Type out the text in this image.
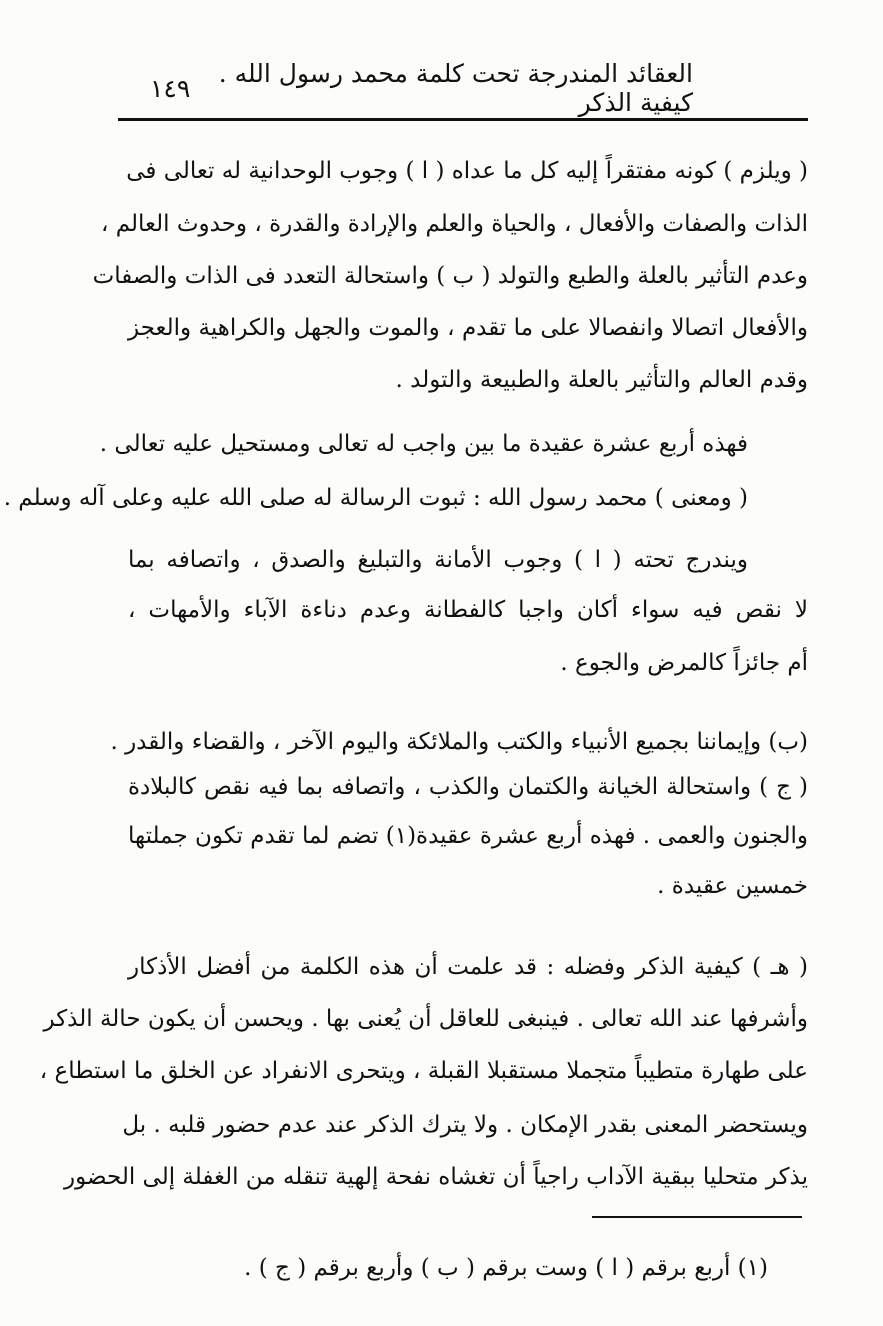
العقائد المندرجة تحت كلمة محمد رسول الله . كيفية الذكر
١٤٩
( ويلزم ) كونه مفتقراً إليه كل ما عداه ( ا ) وجوب الوحدانية له تعالى فى
الذات والصفات والأفعال ، والحياة والعلم والإرادة والقدرة ، وحدوث العالم ،
وعدم التأثير بالعلة والطبع والتولد ( ب ) واستحالة التعدد فى الذات والصفات
والأفعال اتصالا وانفصالا على ما تقدم ، والموت والجهل والكراهية والعجز
وقدم العالم والتأثير بالعلة والطبيعة والتولد .
فهذه أربع عشرة عقيدة ما بين واجب له تعالى ومستحيل عليه تعالى .
( ومعنى ) محمد رسول الله : ثبوت الرسالة له صلى الله عليه وعلى آله وسلم .
ويندرج تحته ( ا ) وجوب الأمانة والتبليغ والصدق ، واتصافه بما
لا نقص فيه سواء أكان واجبا كالفطانة وعدم دناءة الآباء والأمهات ،
أم جائزاً كالمرض والجوع .
(ب) وإيماننا بجميع الأنبياء والكتب والملائكة واليوم الآخر ، والقضاء والقدر .
( ج ) واستحالة الخيانة والكتمان والكذب ، واتصافه بما فيه نقص كالبلادة
والجنون والعمى . فهذه أربع عشرة عقيدة(١) تضم لما تقدم تكون جملتها
خمسين عقيدة .
( هـ ) كيفية الذكر وفضله : قد علمت أن هذه الكلمة من أفضل الأذكار
وأشرفها عند الله تعالى . فينبغى للعاقل أن يُعنى بها . ويحسن أن يكون حالة الذكر
على طهارة متطيباً متجملا مستقبلا القبلة ، ويتحرى الانفراد عن الخلق ما استطاع ،
ويستحضر المعنى بقدر الإمكان . ولا يترك الذكر عند عدم حضور قلبه . بل
يذكر متحليا ببقية الآداب راجياً أن تغشاه نفحة إلهية تنقله من الغفلة إلى الحضور
(١) أربع برقم ( ا ) وست برقم ( ب ) وأربع برقم ( ج ) .
